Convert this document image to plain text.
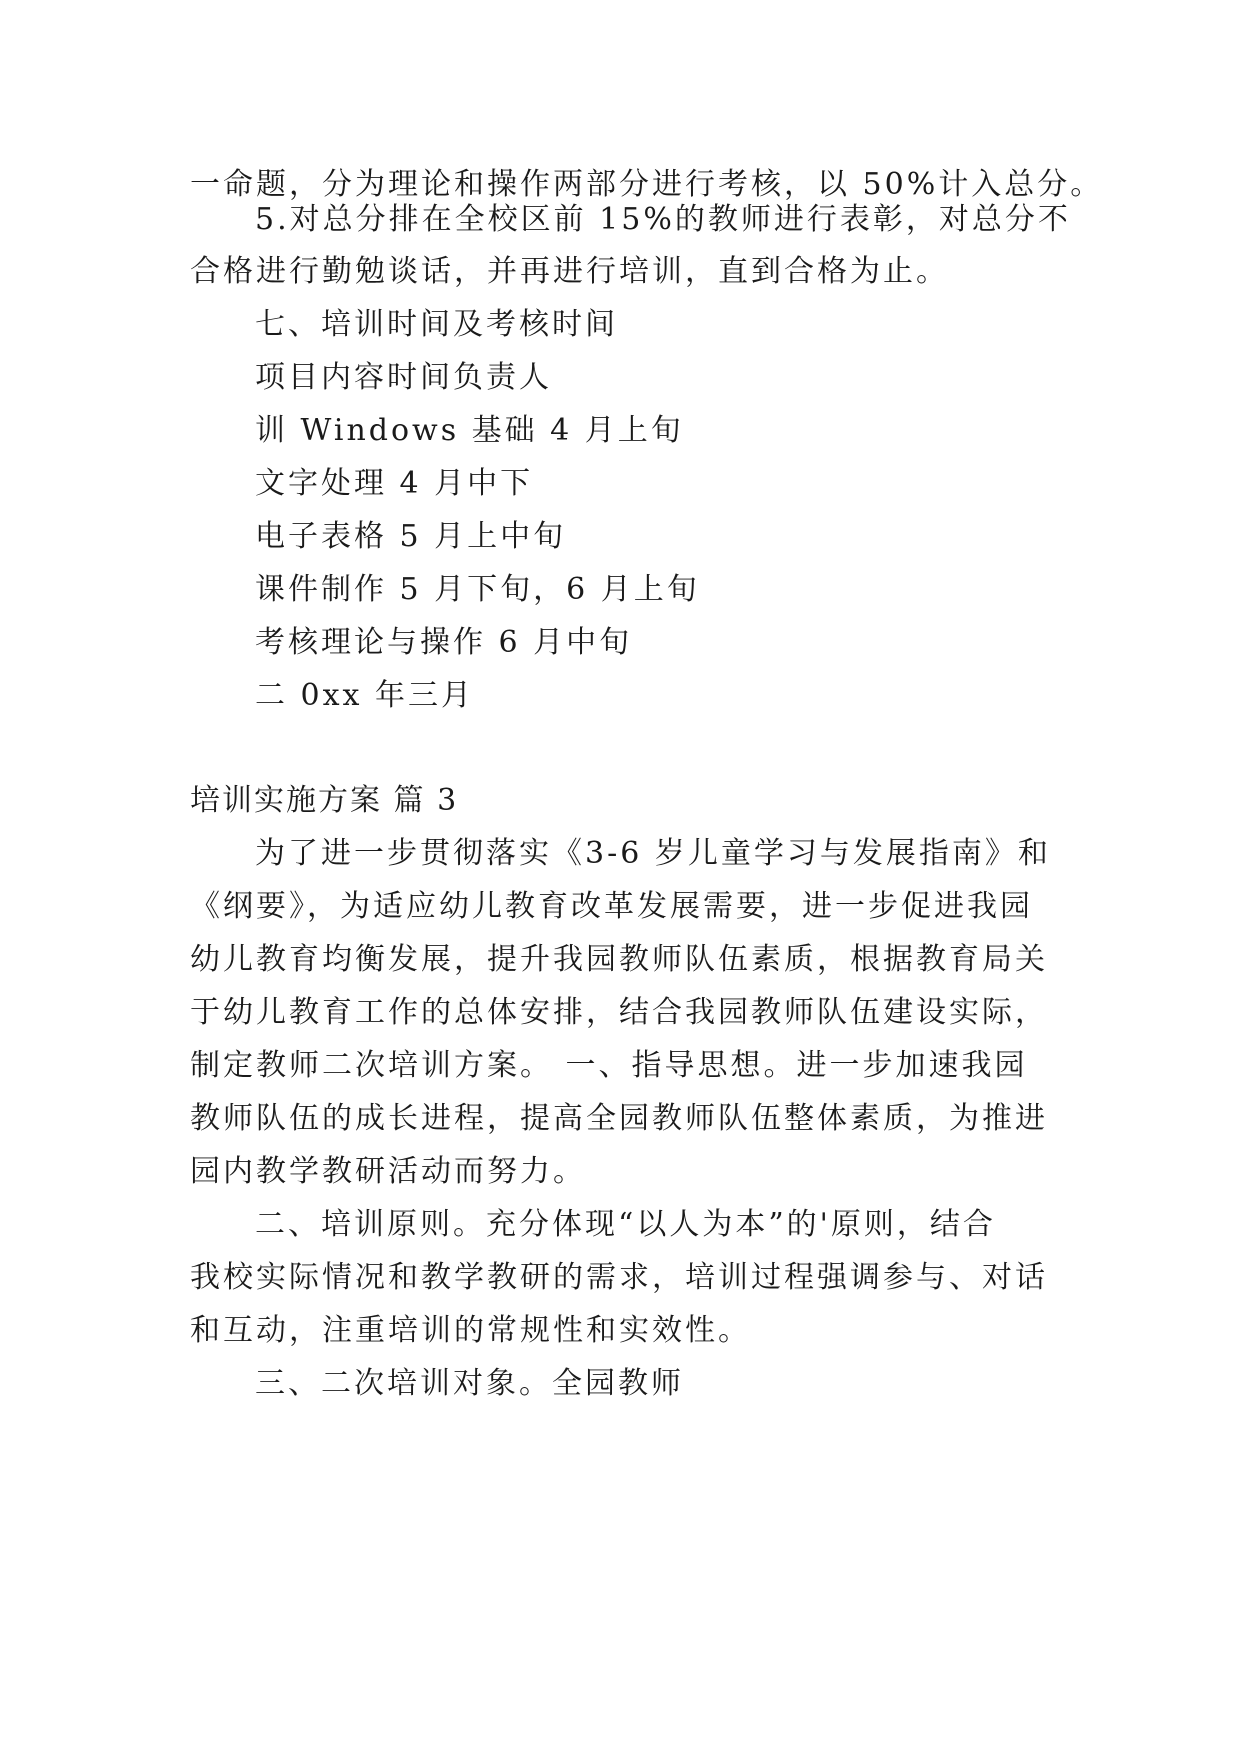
一命题，分为理论和操作两部分进行考核，以 50%计入总分。
5.对总分排在全校区前 15%的教师进行表彰，对总分不
合格进行勤勉谈话，并再进行培训，直到合格为止。
七、培训时间及考核时间
项目内容时间负责人
训 Windows 基础 4 月上旬
文字处理 4 月中下
电子表格 5 月上中旬
课件制作 5 月下旬，6 月上旬
考核理论与操作 6 月中旬
二 0xx 年三月
培训实施方案 篇 3
为了进一步贯彻落实《3-6 岁儿童学习与发展指南》和
《纲要》，为适应幼儿教育改革发展需要，进一步促进我园
幼儿教育均衡发展，提升我园教师队伍素质，根据教育局关
于幼儿教育工作的总体安排，结合我园教师队伍建设实际，
制定教师二次培训方案。 一、指导思想。进一步加速我园
教师队伍的成长进程，提高全园教师队伍整体素质，为推进
园内教学教研活动而努力。
二、培训原则。充分体现“以人为本”的'原则，结合
我校实际情况和教学教研的需求，培训过程强调参与、对话
和互动，注重培训的常规性和实效性。
三、二次培训对象。全园教师
